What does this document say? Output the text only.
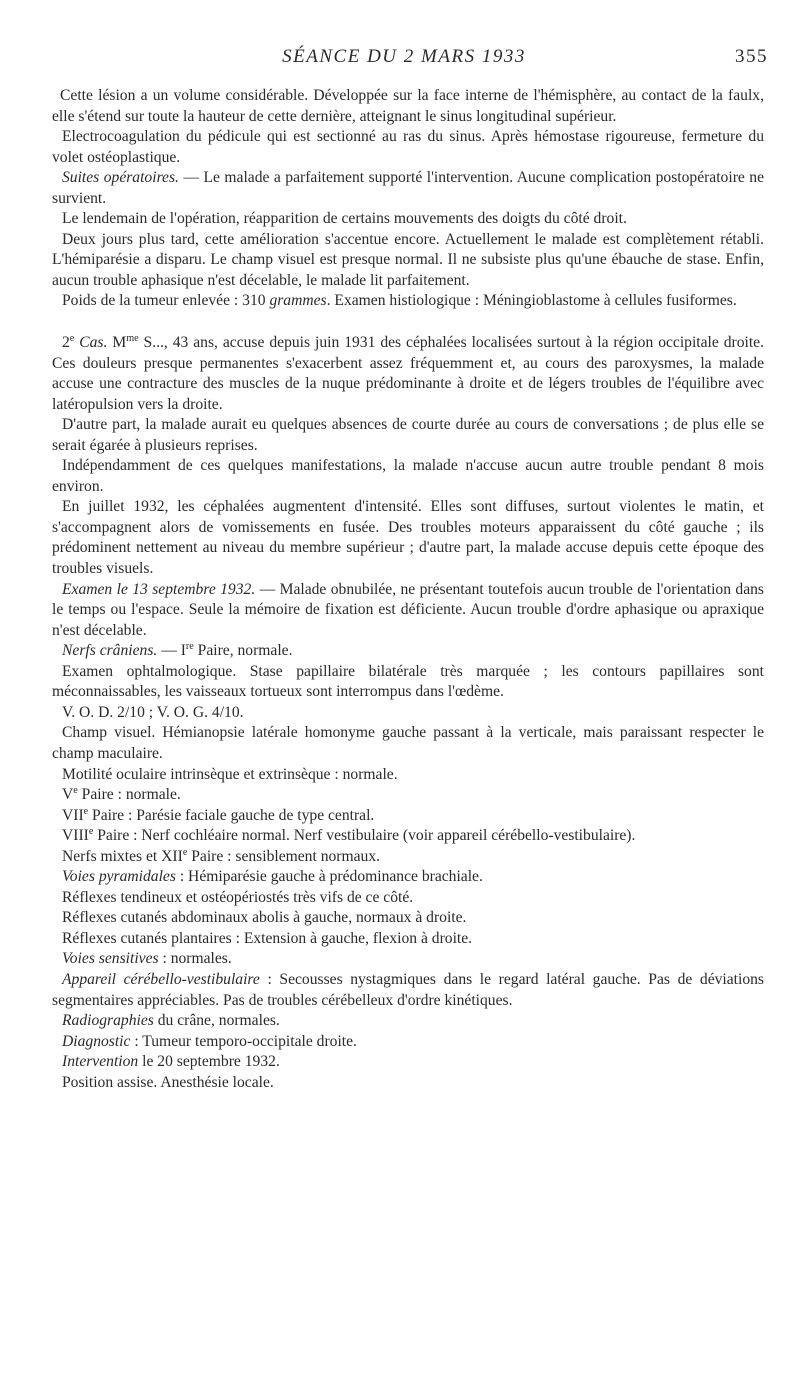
SÉANCE DU 2 MARS 1933	355

Cette lésion a un volume considérable. Développée sur la face interne de l'hémisphère, au contact de la faulx, elle s'étend sur toute la hauteur de cette dernière, atteignant le sinus longitudinal supérieur.

Electrocoagulation du pédicule qui est sectionné au ras du sinus. Après hémostase rigoureuse, fermeture du volet ostéoplastique.

Suites opératoires. — Le malade a parfaitement supporté l'intervention. Aucune complication postopératoire ne survient.

Le lendemain de l'opération, réapparition de certains mouvements des doigts du côté droit.

Deux jours plus tard, cette amélioration s'accentue encore. Actuellement le malade est complètement rétabli. L'hémiparésie a disparu. Le champ visuel est presque normal. Il ne subsiste plus qu'une ébauche de stase. Enfin, aucun trouble aphasique n'est décelable, le malade lit parfaitement.

Poids de la tumeur enlevée : 310 grammes. Examen histiologique : Méningioblastome à cellules fusiformes.

2e Cas. $M^{me}$ S..., 43 ans, accuse depuis juin 1931 des céphalées localisées surtout à la région occipitale droite. Ces douleurs presque permanentes s'exacerbent assez fréquemment et, au cours des paroxysmes, la malade accuse une contracture des muscles de la nuque prédominante à droite et de légers troubles de l'équilibre avec latéropulsion vers la droite.

D'autre part, la malade aurait eu quelques absences de courte durée au cours de conversations ; de plus elle se serait égarée à plusieurs reprises.

Indépendamment de ces quelques manifestations, la malade n'accuse aucun autre trouble pendant 8 mois environ.

En juillet 1932, les céphalées augmentent d'intensité. Elles sont diffuses, surtout violentes le matin, et s'accompagnent alors de vomissements en fusée. Des troubles moteurs apparaissent du côté gauche ; ils prédominent nettement au niveau du membre supérieur ; d'autre part, la malade accuse depuis cette époque des troubles visuels.

Examen le 13 septembre 1932. — Malade obnubilée, ne présentant toutefois aucun trouble de l'orientation dans le temps ou l'espace. Seule la mémoire de fixation est déficiente. Aucun trouble d'ordre aphasique ou apraxique n'est décelable.

Nerfs crâniens. — Ire Paire, normale.

Examen ophtalmologique. Stase papillaire bilatérale très marquée ; les contours papillaires sont méconnaissables, les vaisseaux tortueux sont interrompus dans l'œdème.

V. O. D. 2/10 ; V. O. G. 4/10.

Champ visuel. Hémianopsie latérale homonyme gauche passant à la verticale, mais paraissant respecter le champ maculaire.

Motilité oculaire intrinsèque et extrinsèque : normale.

Ve Paire : normale.

VIIe Paire : Parésie faciale gauche de type central.

VIIIe Paire : Nerf cochléaire normal. Nerf vestibulaire (voir appareil cérébello-vestibulaire).

Nerfs mixtes et XIIe Paire : sensiblement normaux.

Voies pyramidales : Hémiparésie gauche à prédominance brachiale.

Réflexes tendineux et ostéopériostés très vifs de ce côté.

Réflexes cutanés abdominaux abolis à gauche, normaux à droite.

Réflexes cutanés plantaires : Extension à gauche, flexion à droite.

Voies sensitives : normales.

Appareil cérébello-vestibulaire : Secousses nystagmiques dans le regard latéral gauche. Pas de déviations segmentaires appréciables. Pas de troubles cérébelleux d'ordre kinétiques.

Radiographies du crâne, normales.

Diagnostic : Tumeur temporo-occipitale droite.

Intervention le 20 septembre 1932.

Position assise. Anesthésie locale.
